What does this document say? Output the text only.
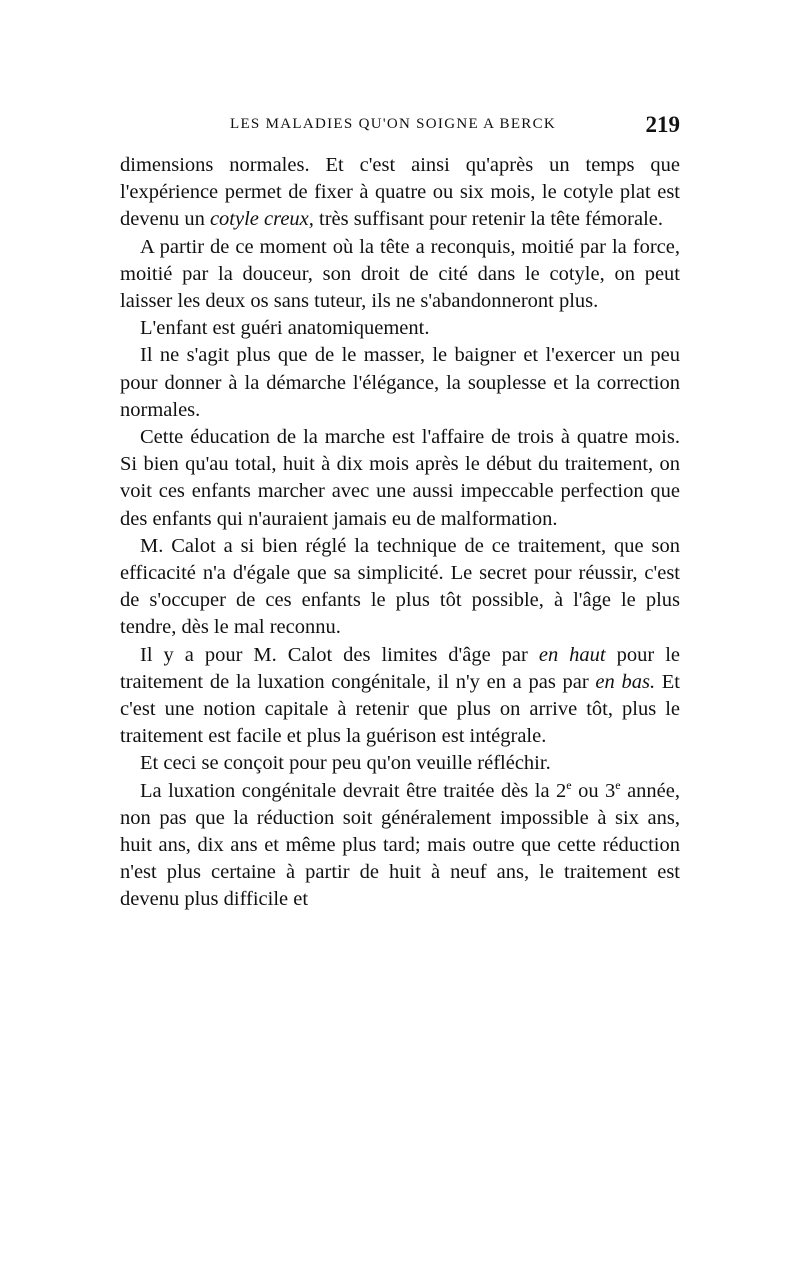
LES MALADIES QU'ON SOIGNE A BERCK	219

dimensions normales. Et c'est ainsi qu'après un temps que l'expérience permet de fixer à quatre ou six mois, le cotyle plat est devenu un cotyle creux, très suffisant pour retenir la tête fémorale.

A partir de ce moment où la tête a reconquis, moitié par la force, moitié par la douceur, son droit de cité dans le cotyle, on peut laisser les deux os sans tuteur, ils ne s'abandonneront plus.

L'enfant est guéri anatomiquement.

Il ne s'agit plus que de le masser, le baigner et l'exercer un peu pour donner à la démarche l'élégance, la souplesse et la correction normales.

Cette éducation de la marche est l'affaire de trois à quatre mois. Si bien qu'au total, huit à dix mois après le début du traitement, on voit ces enfants marcher avec une aussi impeccable perfection que des enfants qui n'auraient jamais eu de malformation.

M. Calot a si bien réglé la technique de ce traitement, que son efficacité n'a d'égale que sa simplicité. Le secret pour réussir, c'est de s'occuper de ces enfants le plus tôt possible, à l'âge le plus tendre, dès le mal reconnu.

Il y a pour M. Calot des limites d'âge par en haut pour le traitement de la luxation congénitale, il n'y en a pas par en bas. Et c'est une notion capitale à retenir que plus on arrive tôt, plus le traitement est facile et plus la guérison est intégrale.

Et ceci se conçoit pour peu qu'on veuille réfléchir.

La luxation congénitale devrait être traitée dès la 2e ou 3e année, non pas que la réduction soit généralement impossible à six ans, huit ans, dix ans et même plus tard; mais outre que cette réduction n'est plus certaine à partir de huit à neuf ans, le traitement est devenu plus difficile et
